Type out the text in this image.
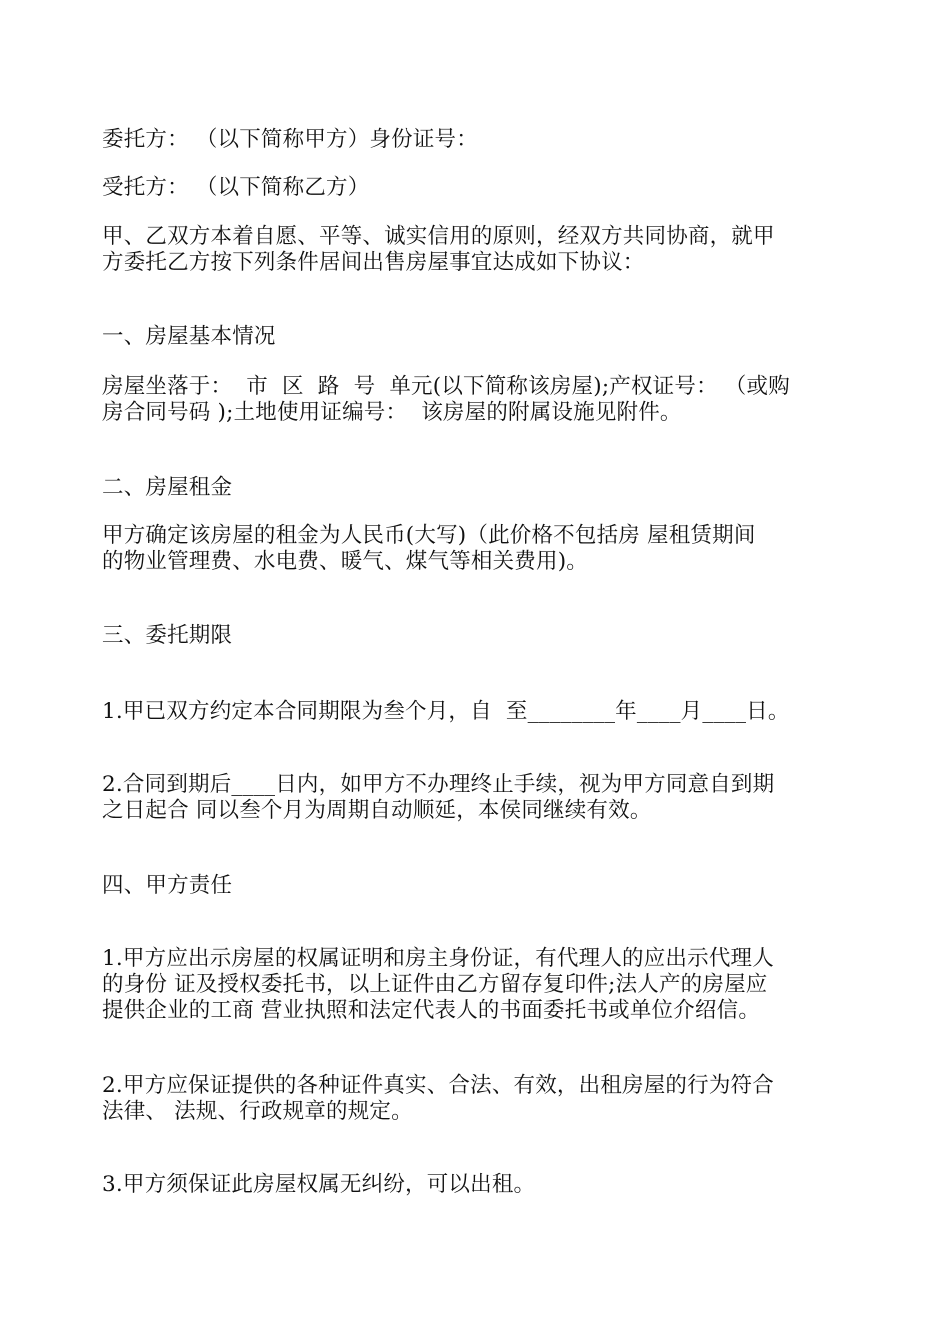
委托方： （以下简称甲方）身份证号：
受托方： （以下简称乙方）
甲、乙双方本着自愿、平等、诚实信用的原则，经双方共同协商，就甲
方委托乙方按下列条件居间出售房屋事宜达成如下协议：
一、房屋基本情况
房屋坐落于：  市  区  路  号  单元(以下简称该房屋);产权证号： （或购
房合同号码 );土地使用证编号：  该房屋的附属设施见附件。
二、房屋租金
甲方确定该房屋的租金为人民币(大写)（此价格不包括房 屋租赁期间
的物业管理费、水电费、暖气、煤气等相关费用)。
三、委托期限
1.甲已双方约定本合同期限为叁个月，自  至________年____月____日。
2.合同到期后____日内，如甲方不办理终止手续，视为甲方同意自到期
之日起合 同以叁个月为周期自动顺延，本侯同继续有效。
四、甲方责任
1.甲方应出示房屋的权属证明和房主身份证，有代理人的应出示代理人
的身份 证及授权委托书，以上证件由乙方留存复印件;法人产的房屋应
提供企业的工商 营业执照和法定代表人的书面委托书或单位介绍信。
2.甲方应保证提供的各种证件真实、合法、有效，出租房屋的行为符合
法律、 法规、行政规章的规定。
3.甲方须保证此房屋权属无纠纷，可以出租。
